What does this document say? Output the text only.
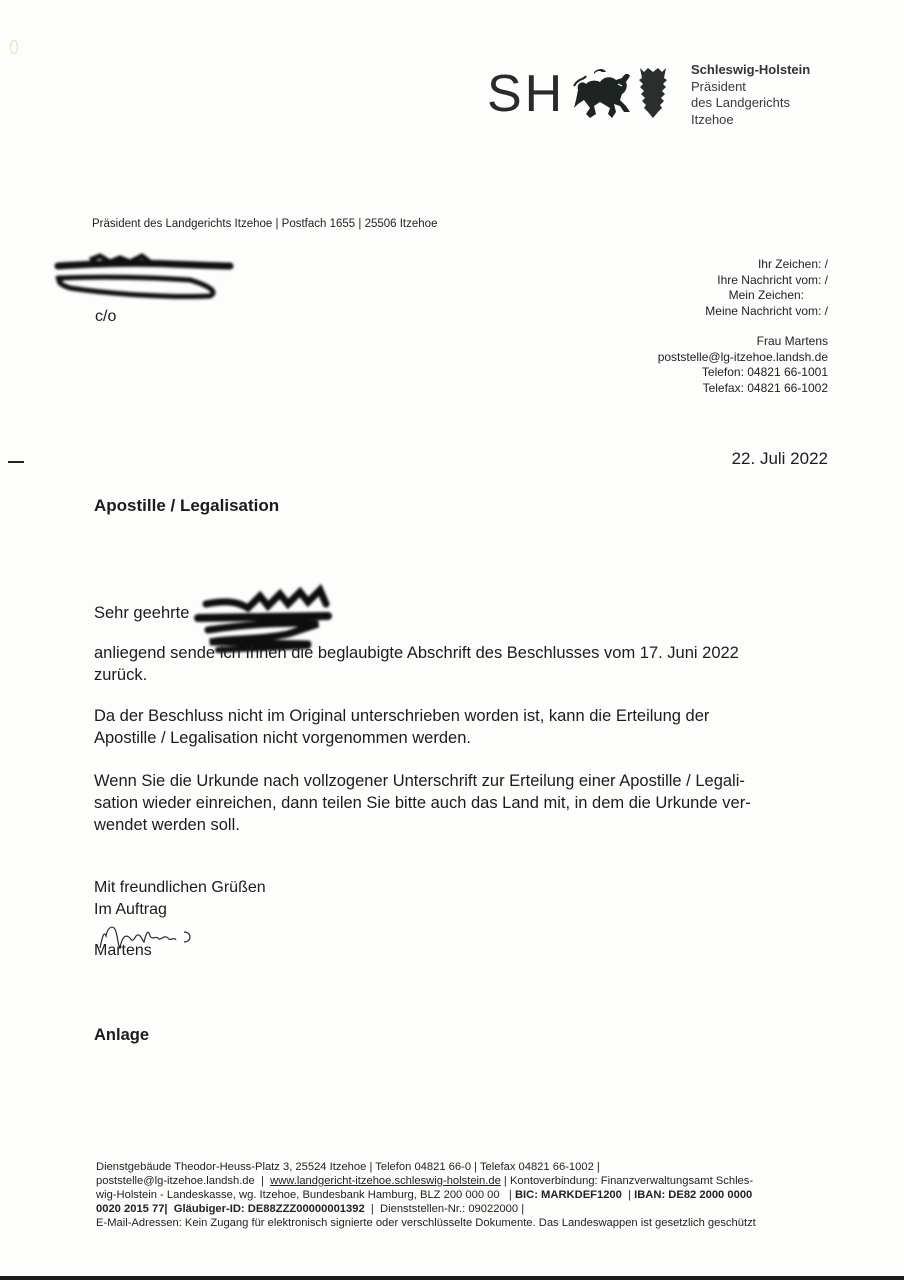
SH	Schleswig-Holstein
Präsident
des Landgerichts
Itzehoe
Präsident des Landgerichts Itzehoe | Postfach 1655 | 25506 Itzehoe
c/o
Ihr Zeichen: /
Ihre Nachricht vom: /
Mein Zeichen:
Meine Nachricht vom: /
Frau Martens
poststelle@lg-itzehoe.landsh.de
Telefon: 04821 66-1001
Telefax: 04821 66-1002
22. Juli 2022
Apostille / Legalisation
Sehr geehrte
anliegend sende ich Ihnen die beglaubigte Abschrift des Beschlusses vom 17. Juni 2022
zurück.
Da der Beschluss nicht im Original unterschrieben worden ist, kann die Erteilung der
Apostille / Legalisation nicht vorgenommen werden.
Wenn Sie die Urkunde nach vollzogener Unterschrift zur Erteilung einer Apostille / Legali-
sation wieder einreichen, dann teilen Sie bitte auch das Land mit, in dem die Urkunde ver-
wendet werden soll.
Mit freundlichen Grüßen
Im Auftrag
Martens
Anlage
Dienstgebäude Theodor-Heuss-Platz 3, 25524 Itzehoe | Telefon 04821 66-0 | Telefax 04821 66-1002 |
poststelle@lg-itzehoe.landsh.de  |  www.landgericht-itzehoe.schleswig-holstein.de | Kontoverbindung: Finanzverwaltungsamt Schles-
wig-Holstein - Landeskasse, wg. Itzehoe, Bundesbank Hamburg, BLZ 200 000 00   | BIC: MARKDEF1200  | IBAN: DE82 2000 0000
0020 2015 77|  Gläubiger-ID: DE88ZZZ00000001392  |  Dienststellen-Nr.: 09022000 |
E-Mail-Adressen: Kein Zugang für elektronisch signierte oder verschlüsselte Dokumente. Das Landeswappen ist gesetzlich geschützt
